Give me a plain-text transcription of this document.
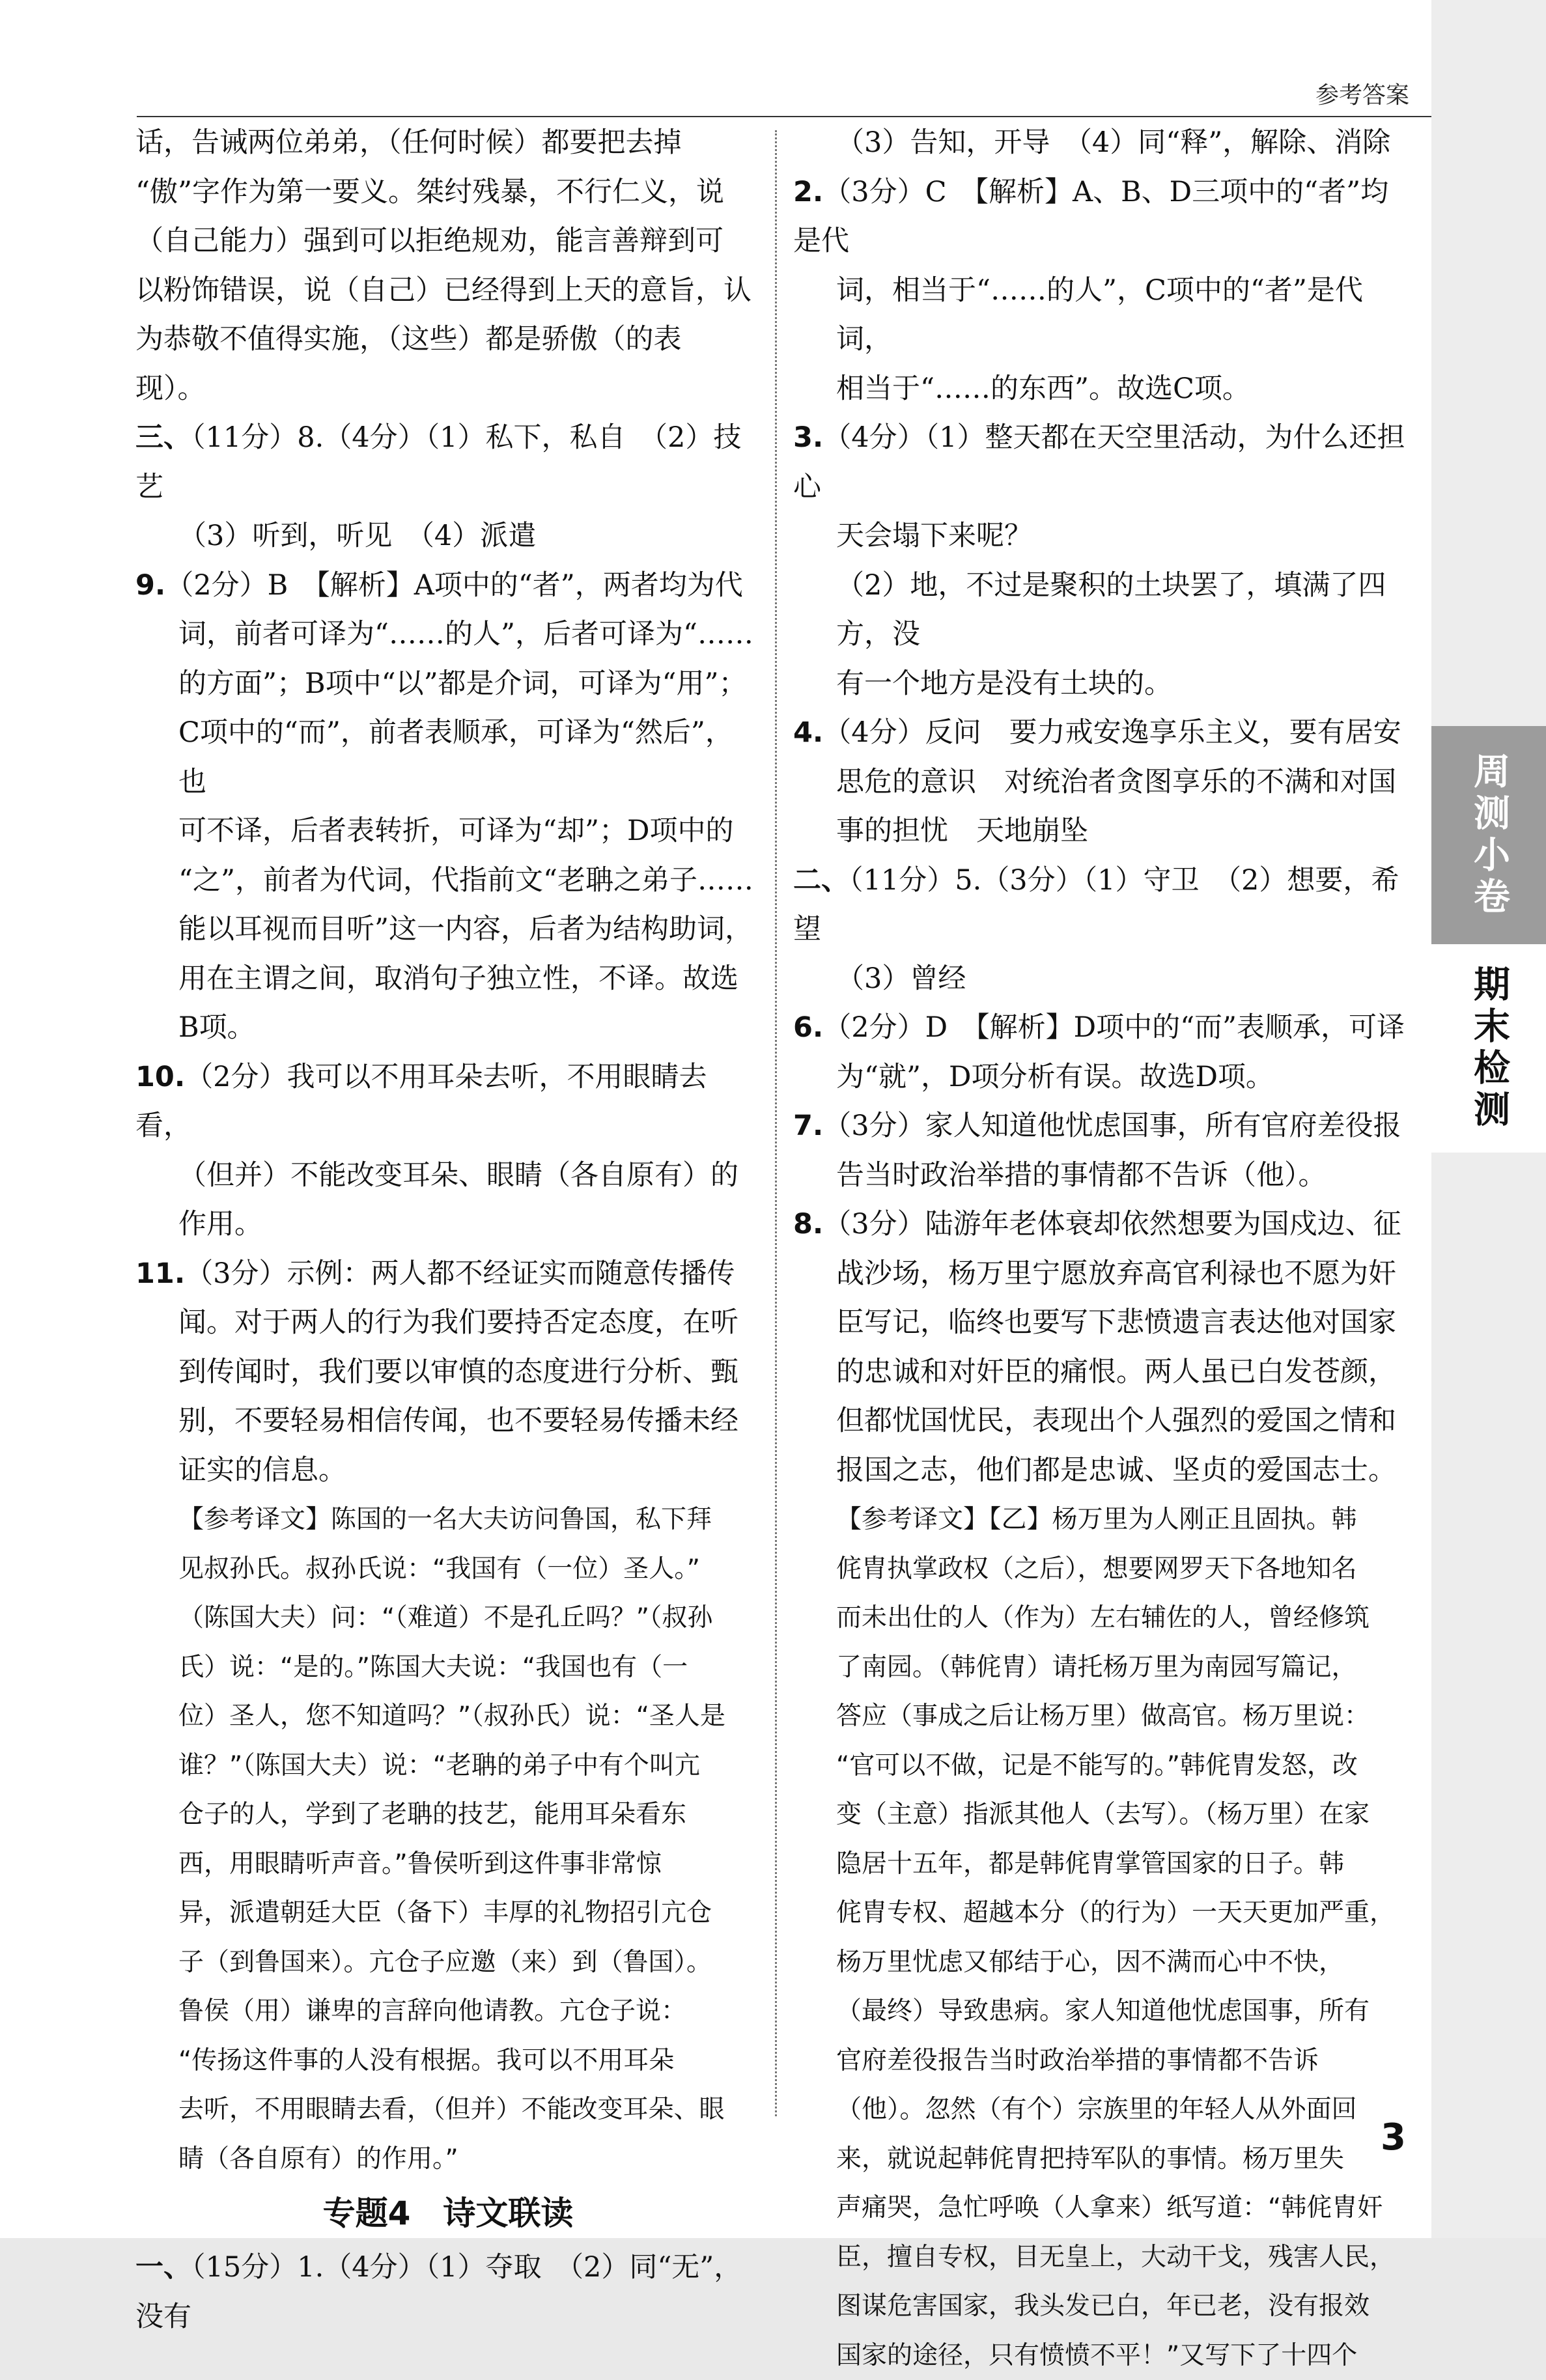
参考答案

话，告诫两位弟弟，（任何时候）都要把去掉

“傲”字作为第一要义。桀纣残暴，不行仁义，说

（自己能力）强到可以拒绝规劝，能言善辩到可

以粉饰错误，说（自己）已经得到上天的意旨，认

为恭敬不值得实施，（这些）都是骄傲（的表

现）。

三、（11分）8.（4分）（1）私下，私自　（2）技艺

（3）听到，听见　（4）派遣

9.（2分）B　【解析】A项中的“者”，两者均为代

词，前者可译为“……的人”，后者可译为“……

的方面”；B项中“以”都是介词，可译为“用”；

C项中的“而”，前者表顺承，可译为“然后”，也

可不译，后者表转折，可译为“却”；D项中的

“之”，前者为代词，代指前文“老聃之弟子……

能以耳视而目听”这一内容，后者为结构助词，

用在主谓之间，取消句子独立性，不译。故选

B项。

10.（2分）我可以不用耳朵去听，不用眼睛去看，

（但并）不能改变耳朵、眼睛（各自原有）的

作用。

11.（3分）示例：两人都不经证实而随意传播传

闻。对于两人的行为我们要持否定态度，在听

到传闻时，我们要以审慎的态度进行分析、甄

别，不要轻易相信传闻，也不要轻易传播未经

证实的信息。

【参考译文】陈国的一名大夫访问鲁国，私下拜

见叔孙氏。叔孙氏说：“我国有（一位）圣人。”

（陈国大夫）问：“（难道）不是孔丘吗？”（叔孙

氏）说：“是的。”陈国大夫说：“我国也有（一

位）圣人，您不知道吗？”（叔孙氏）说：“圣人是

谁？”（陈国大夫）说：“老聃的弟子中有个叫亢

仓子的人，学到了老聃的技艺，能用耳朵看东

西，用眼睛听声音。”鲁侯听到这件事非常惊

异，派遣朝廷大臣（备下）丰厚的礼物招引亢仓

子（到鲁国来）。亢仓子应邀（来）到（鲁国）。

鲁侯（用）谦卑的言辞向他请教。亢仓子说：

“传扬这件事的人没有根据。我可以不用耳朵

去听，不用眼睛去看，（但并）不能改变耳朵、眼

睛（各自原有）的作用。”

专题4　诗文联读

一、（15分）1.（4分）（1）夺取　（2）同“无”，没有

（3）告知，开导　（4）同“释”，解除、消除

2.（3分）C　【解析】A、B、D三项中的“者”均是代

词，相当于“……的人”，C项中的“者”是代词，

相当于“……的东西”。故选C项。

3.（4分）（1）整天都在天空里活动，为什么还担心

天会塌下来呢？

（2）地，不过是聚积的土块罢了，填满了四方，没

有一个地方是没有土块的。

4.（4分）反问　要力戒安逸享乐主义，要有居安

思危的意识　对统治者贪图享乐的不满和对国

事的担忧　天地崩坠

二、（11分）5.（3分）（1）守卫　（2）想要，希望

（3）曾经

6.（2分）D　【解析】D项中的“而”表顺承，可译

为“就”，D项分析有误。故选D项。

7.（3分）家人知道他忧虑国事，所有官府差役报

告当时政治举措的事情都不告诉（他）。

8.（3分）陆游年老体衰却依然想要为国戍边、征

战沙场，杨万里宁愿放弃高官利禄也不愿为奸

臣写记，临终也要写下悲愤遗言表达他对国家

的忠诚和对奸臣的痛恨。两人虽已白发苍颜，

但都忧国忧民，表现出个人强烈的爱国之情和

报国之志，他们都是忠诚、坚贞的爱国志士。

【参考译文】【乙】杨万里为人刚正且固执。韩

侂胄执掌政权（之后），想要网罗天下各地知名

而未出仕的人（作为）左右辅佐的人，曾经修筑

了南园。（韩侂胄）请托杨万里为南园写篇记，

答应（事成之后让杨万里）做高官。杨万里说：

“官可以不做，记是不能写的。”韩侂胄发怒，改

变（主意）指派其他人（去写）。（杨万里）在家

隐居十五年，都是韩侂胄掌管国家的日子。韩

侂胄专权、超越本分（的行为）一天天更加严重，

杨万里忧虑又郁结于心，因不满而心中不快，

（最终）导致患病。家人知道他忧虑国事，所有

官府差役报告当时政治举措的事情都不告诉

（他）。忽然（有个）宗族里的年轻人从外面回

来，就说起韩侂胄把持军队的事情。杨万里失

声痛哭，急忙呼唤（人拿来）纸写道：“韩侂胄奸

臣，擅自专权，目无皇上，大动干戈，残害人民，

图谋危害国家，我头发已白，年已老，没有报效

国家的途径，只有愤愤不平！”又写下了十四个

周测小卷
期末检测
3
